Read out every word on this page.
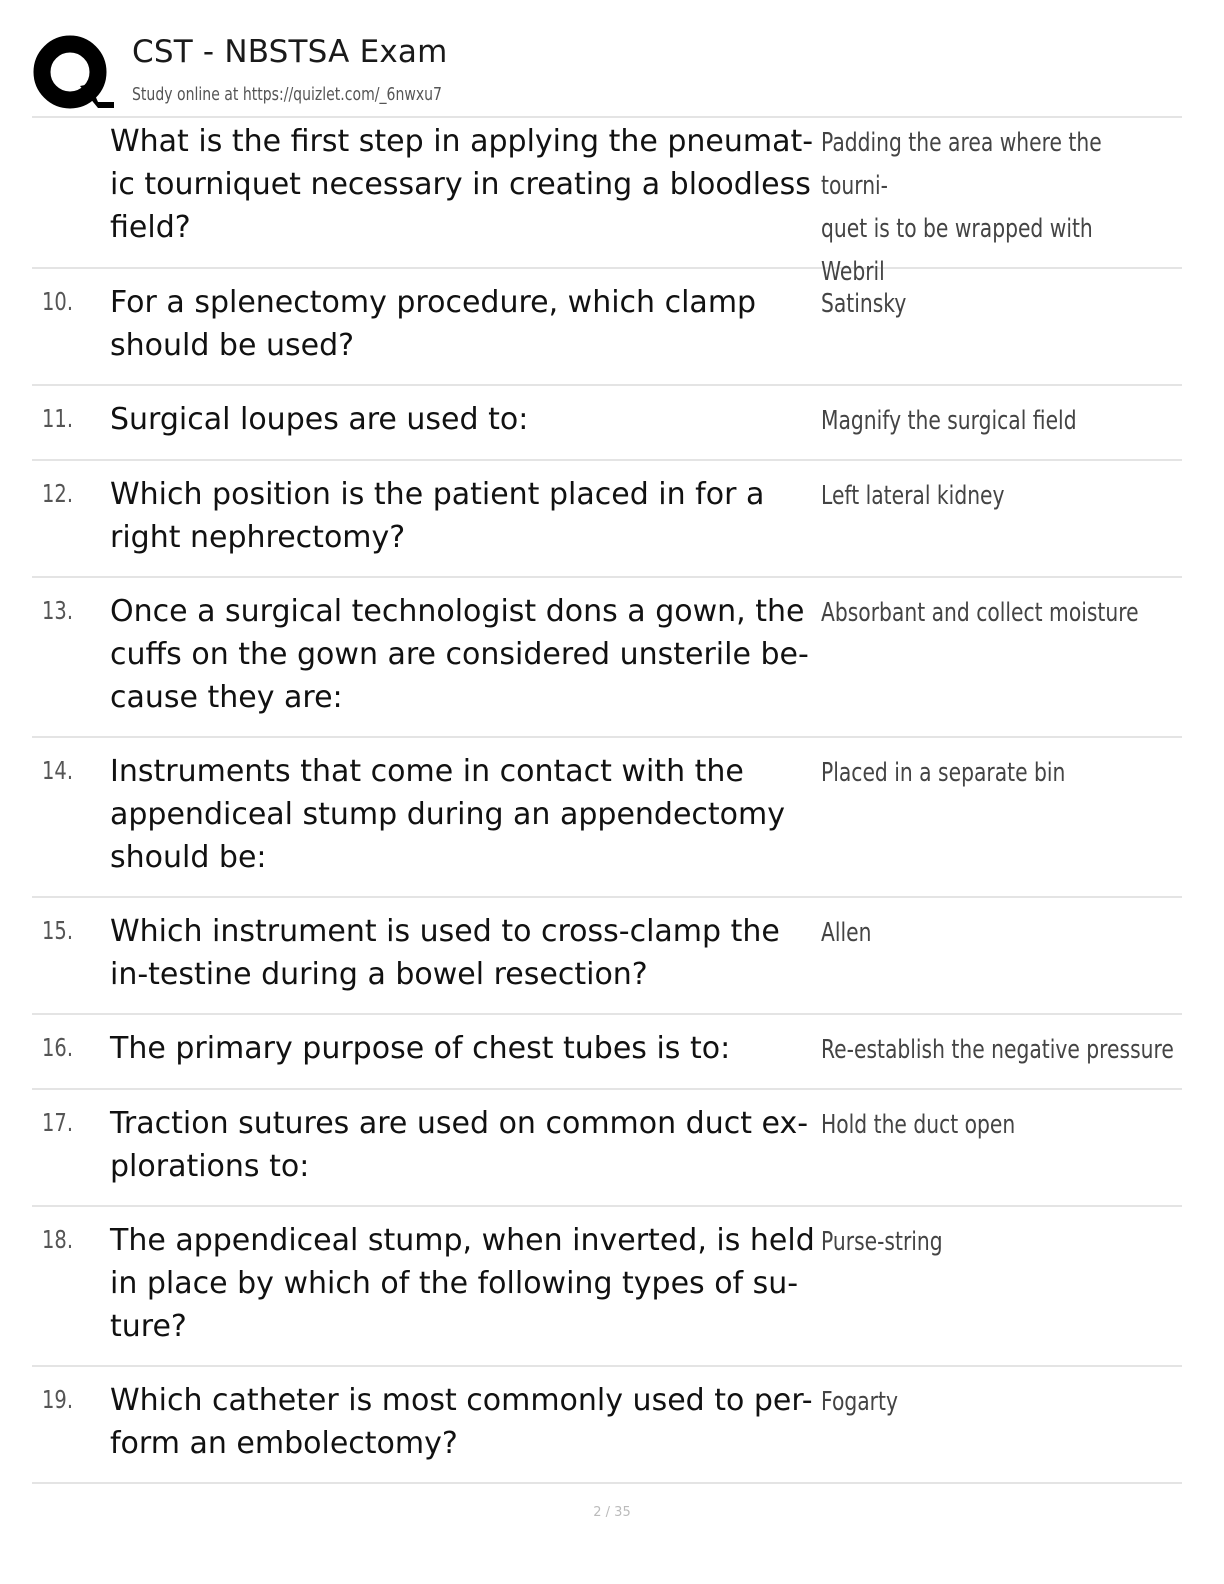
CST - NBSTSA Exam
Study online at https://quizlet.com/_6nwxu7
What is the first step in applying the pneumat-ic tourniquet necessary in creating a bloodless field?
Padding the area where the tourni-
quet is to be wrapped with Webril
10. For a splenectomy procedure, which clamp should be used?
Satinsky
11. Surgical loupes are used to:	Magnify the surgical field
12. Which position is the patient placed in for a right nephrectomy?
Left lateral kidney
13. Once a surgical technologist dons a gown, the cuffs on the gown are considered unsterile be-cause they are:
Absorbant and collect moisture
14. Instruments that come in contact with the appendiceal stump during an appendectomy should be:
Placed in a separate bin
15. Which instrument is used to cross-clamp the in-testine during a bowel resection?
Allen
16. The primary purpose of chest tubes is to:	Re-establish the negative pressure
17. Traction sutures are used on common duct ex-plorations to:
Hold the duct open
18. The appendiceal stump, when inverted, is held in place by which of the following types of su-ture?
Purse-string
19. Which catheter is most commonly used to per-form an embolectomy?
Fogarty
2 / 35
